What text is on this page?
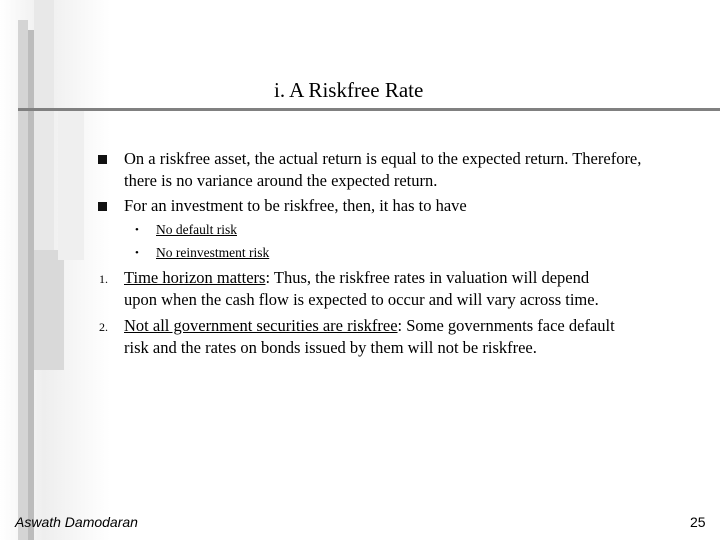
i. A Riskfree Rate
On a riskfree asset, the actual return is equal to the expected return. Therefore,
there is no variance around the expected return.
For an investment to be riskfree, then, it has to have
• No default risk
• No reinvestment risk
1. Time horizon matters: Thus, the riskfree rates in valuation will depend
upon when the cash flow is expected to occur and will vary across time.
2. Not all government securities are riskfree: Some governments face default
risk and the rates on bonds issued by them will not be riskfree.
Aswath Damodaran	25
